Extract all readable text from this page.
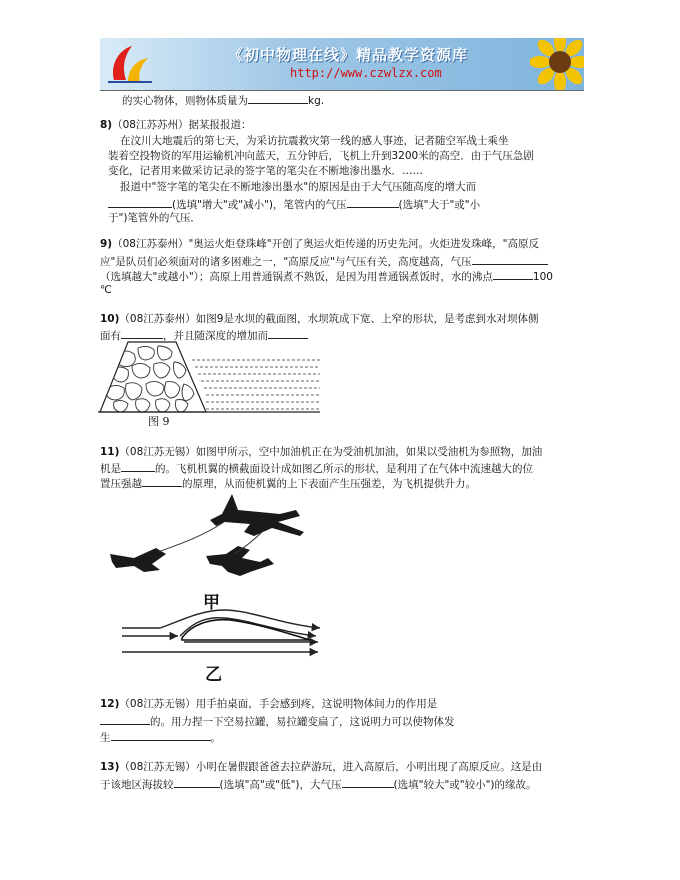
《初中物理在线》精品教学资源库
http://www.czwlzx.com
的实心物体，则物体质量为	kg.
8)（08江苏苏州）据某报报道：
在汶川大地震后的第七天，为采访抗震救灾第一线的感人事迹，记者随空军战士乘坐
装着空投物资的军用运输机冲向蓝天，五分钟后，飞机上升到3200米的高空．由于气压急剧
变化，记者用来做采访记录的签字笔的笔尖在不断地渗出墨水．……
报道中"签字笔的笔尖在不断地渗出墨水"的原因是由于大气压随高度的增大而
(选填"增大"或"减小")，笔管内的气压	(选填"大于"或"小
于")笔管外的气压．
9)（08江苏泰州）"奥运火炬登珠峰"开创了奥运火炬传递的历史先河。火炬进发珠峰，"高原反
应"是队员们必须面对的诸多困难之一，"高原反应"与气压有关，高度越高，气压
（选填越大"或越小"）；高原上用普通锅煮不熟饭，是因为用普通锅煮饭时，水的沸点	100
℃
10)（08江苏泰州）如图9是水坝的截面图，水坝筑成下宽、上窄的形状，是考虑到水对坝体侧
面有	，并且随深度的增加而
图 9
11)（08江苏无锡）如图甲所示，空中加油机正在为受油机加油，如果以受油机为参照物，加油
机是	的。飞机机翼的横截面设计成如图乙所示的形状，是利用了在气体中流速越大的位
置压强越	的原理，从而使机翼的上下表面产生压强差，为飞机提供升力。
甲
乙
12)（08江苏无锡）用手拍桌面，手会感到疼，这说明物体间力的作用是
的。用力捏一下空易拉罐，易拉罐变扁了，这说明力可以使物体发
生	。
13)（08江苏无锡）小明在暑假跟爸爸去拉萨游玩，进入高原后，小明出现了高原反应。这是由
于该地区海拔较	(选填"高"或"低")，大气压	(选填"较大"或"较小")的缘故。
